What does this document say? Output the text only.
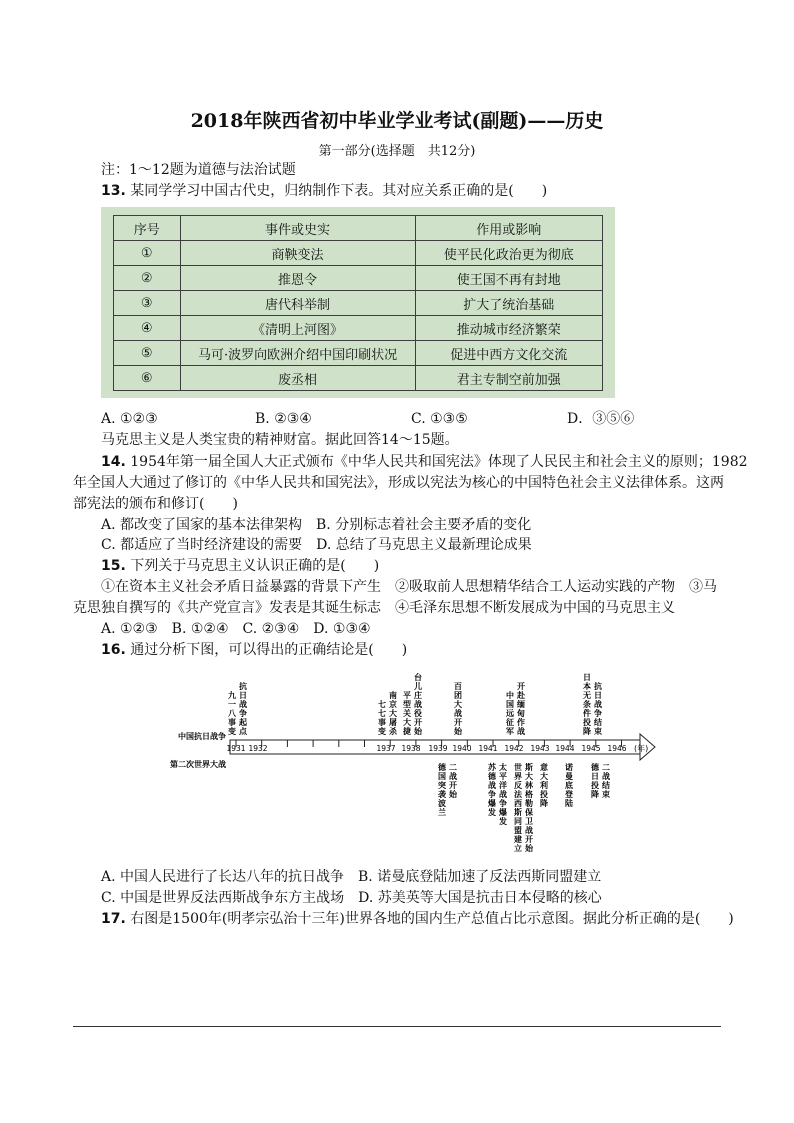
2018年陕西省初中毕业学业考试(副题)——历史
第一部分(选择题　共12分)
注：1～12题为道德与法治试题
13. 某同学学习中国古代史，归纳制作下表。其对应关系正确的是(　　)
序号	事件或史实	作用或影响
①	商鞅变法	使平民化政治更为彻底
②	推恩令	使王国不再有封地
③	唐代科举制	扩大了统治基础
④	《清明上河图》	推动城市经济繁荣
⑤	马可·波罗向欧洲介绍中国印刷状况	促进中西方文化交流
⑥	废丞相	君主专制空前加强
A. ①②③	B. ②③④	C. ①③⑤	D．③⑤⑥
马克思主义是人类宝贵的精神财富。据此回答14～15题。
14. 1954年第一届全国人大正式颁布《中华人民共和国宪法》体现了人民民主和社会主义的原则；1982
年全国人大通过了修订的《中华人民共和国宪法》，形成以宪法为核心的中国特色社会主义法律体系。这两
部宪法的颁布和修订(　　)
A. 都改变了国家的基本法律架构　B. 分别标志着社会主要矛盾的变化
C. 都适应了当时经济建设的需要　D. 总结了马克思主义最新理论成果
15. 下列关于马克思主义认识正确的是(　　)
①在资本主义社会矛盾日益暴露的背景下产生　②吸取前人思想精华结合工人运动实践的产物　③马
克思独自撰写的《共产党宣言》发表是其诞生标志　④毛泽东思想不断发展成为中国的马克思主义
A. ①②③　B. ①②④　C. ②③④　D. ①③④
16. 通过分析下图，可以得出的正确结论是(　　)
中国抗日战争
第二次世界大战
(年)
1931 1932	1937 1938 1939 1940 1941 1942 1943 1944 1945 1946
九一八事变
抗日战争起点
七七事变
南京大屠杀
平型关大捷
台儿庄战役开始
百团大战开始
中国远征军
开赴缅甸作战
日本无条件投降
抗日战争结束
德国突袭波兰
二战开始
苏德战争爆发
太平洋战争爆发
世界反法西斯同盟建立
斯大林格勒保卫战开始
意大利投降
诺曼底登陆
德日投降
二战结束
A. 中国人民进行了长达八年的抗日战争　B. 诺曼底登陆加速了反法西斯同盟建立
C. 中国是世界反法西斯战争东方主战场　D. 苏美英等大国是抗击日本侵略的核心
17. 右图是1500年(明孝宗弘治十三年)世界各地的国内生产总值占比示意图。据此分析正确的是(　　)
